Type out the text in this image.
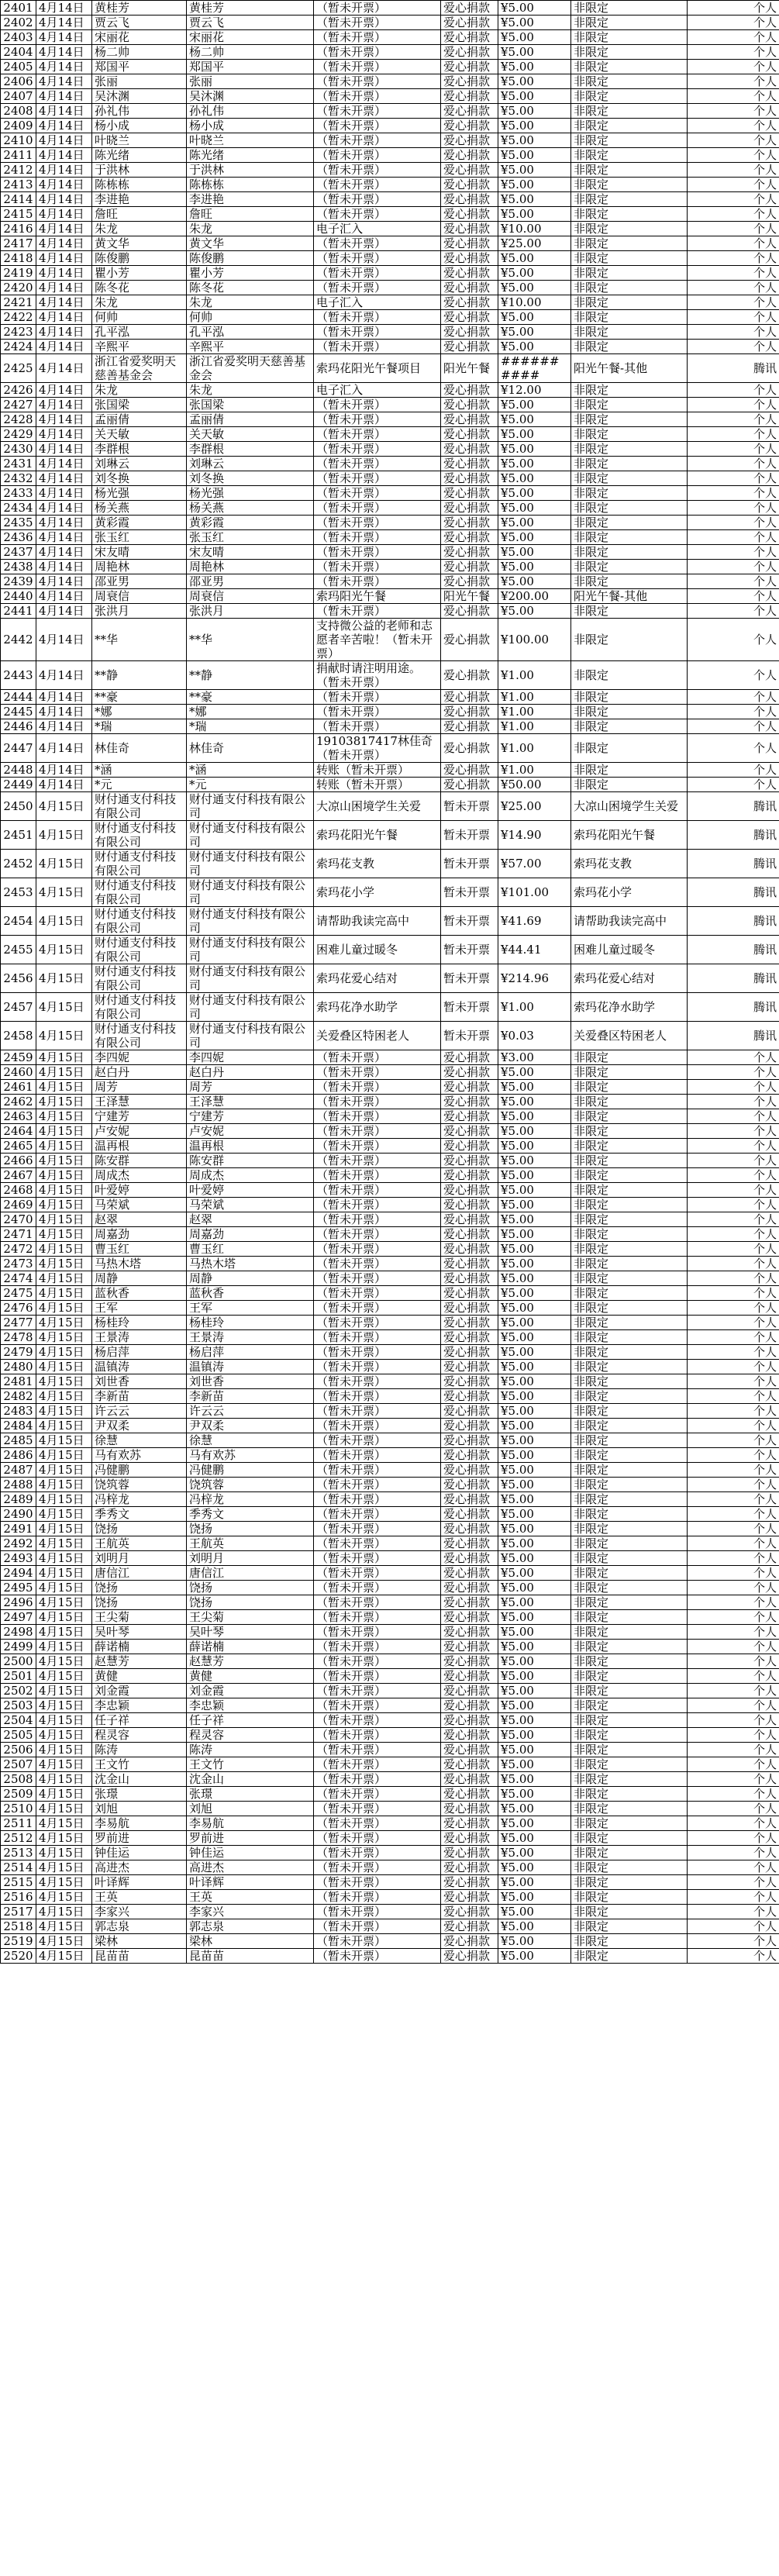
2401	4月14日	黄桂芳	黄桂芳	（暂未开票）	爱心捐款	¥5.00	非限定	个人
2402	4月14日	贾云飞	贾云飞	（暂未开票）	爱心捐款	¥5.00	非限定	个人
2403	4月14日	宋丽花	宋丽花	（暂未开票）	爱心捐款	¥5.00	非限定	个人
2404	4月14日	杨二帅	杨二帅	（暂未开票）	爱心捐款	¥5.00	非限定	个人
2405	4月14日	郑国平	郑国平	（暂未开票）	爱心捐款	¥5.00	非限定	个人
2406	4月14日	张丽	张丽	（暂未开票）	爱心捐款	¥5.00	非限定	个人
2407	4月14日	吴沐渊	吴沐渊	（暂未开票）	爱心捐款	¥5.00	非限定	个人
2408	4月14日	孙礼伟	孙礼伟	（暂未开票）	爱心捐款	¥5.00	非限定	个人
2409	4月14日	杨小成	杨小成	（暂未开票）	爱心捐款	¥5.00	非限定	个人
2410	4月14日	叶晓兰	叶晓兰	（暂未开票）	爱心捐款	¥5.00	非限定	个人
2411	4月14日	陈光绪	陈光绪	（暂未开票）	爱心捐款	¥5.00	非限定	个人
2412	4月14日	于洪林	于洪林	（暂未开票）	爱心捐款	¥5.00	非限定	个人
2413	4月14日	陈栋栋	陈栋栋	（暂未开票）	爱心捐款	¥5.00	非限定	个人
2414	4月14日	李进艳	李进艳	（暂未开票）	爱心捐款	¥5.00	非限定	个人
2415	4月14日	詹旺	詹旺	（暂未开票）	爱心捐款	¥5.00	非限定	个人
2416	4月14日	朱龙	朱龙	电子汇入	爱心捐款	¥10.00	非限定	个人
2417	4月14日	黄文华	黄文华	（暂未开票）	爱心捐款	¥25.00	非限定	个人
2418	4月14日	陈俊鹏	陈俊鹏	（暂未开票）	爱心捐款	¥5.00	非限定	个人
2419	4月14日	瞿小芳	瞿小芳	（暂未开票）	爱心捐款	¥5.00	非限定	个人
2420	4月14日	陈冬花	陈冬花	（暂未开票）	爱心捐款	¥5.00	非限定	个人
2421	4月14日	朱龙	朱龙	电子汇入	爱心捐款	¥10.00	非限定	个人
2422	4月14日	何帅	何帅	（暂未开票）	爱心捐款	¥5.00	非限定	个人
2423	4月14日	孔平泓	孔平泓	（暂未开票）	爱心捐款	¥5.00	非限定	个人
2424	4月14日	辛熙平	辛熙平	（暂未开票）	爱心捐款	¥5.00	非限定	个人
2425	4月14日	浙江省爱奖明天慈善基金会	浙江省爱奖明天慈善基金会	索玛花阳光午餐项目	阳光午餐	##########	阳光午餐-其他	腾讯
2426	4月14日	朱龙	朱龙	电子汇入	爱心捐款	¥12.00	非限定	个人
2427	4月14日	张国梁	张国梁	（暂未开票）	爱心捐款	¥5.00	非限定	个人
2428	4月14日	孟丽倩	孟丽倩	（暂未开票）	爱心捐款	¥5.00	非限定	个人
2429	4月14日	关天敏	关天敏	（暂未开票）	爱心捐款	¥5.00	非限定	个人
2430	4月14日	李群根	李群根	（暂未开票）	爱心捐款	¥5.00	非限定	个人
2431	4月14日	刘琳云	刘琳云	（暂未开票）	爱心捐款	¥5.00	非限定	个人
2432	4月14日	刘冬换	刘冬换	（暂未开票）	爱心捐款	¥5.00	非限定	个人
2433	4月14日	杨光强	杨光强	（暂未开票）	爱心捐款	¥5.00	非限定	个人
2434	4月14日	杨关燕	杨关燕	（暂未开票）	爱心捐款	¥5.00	非限定	个人
2435	4月14日	黄彩霞	黄彩霞	（暂未开票）	爱心捐款	¥5.00	非限定	个人
2436	4月14日	张玉红	张玉红	（暂未开票）	爱心捐款	¥5.00	非限定	个人
2437	4月14日	宋友晴	宋友晴	（暂未开票）	爱心捐款	¥5.00	非限定	个人
2438	4月14日	周艳林	周艳林	（暂未开票）	爱心捐款	¥5.00	非限定	个人
2439	4月14日	邵亚男	邵亚男	（暂未开票）	爱心捐款	¥5.00	非限定	个人
2440	4月14日	周衰信	周衰信	索玛阳光午餐	阳光午餐	¥200.00	阳光午餐-其他	个人
2441	4月14日	张洪月	张洪月	（暂未开票）	爱心捐款	¥5.00	非限定	个人
2442	4月14日	**华	**华	支持微公益的老师和志愿者辛苦啦！（暂未开票）	爱心捐款	¥100.00	非限定	个人
2443	4月14日	**静	**静	捐献时请注明用途。（暂未开票）	爱心捐款	¥1.00	非限定	个人
2444	4月14日	**豪	**豪	（暂未开票）	爱心捐款	¥1.00	非限定	个人
2445	4月14日	*娜	*娜	（暂未开票）	爱心捐款	¥1.00	非限定	个人
2446	4月14日	*瑞	*瑞	（暂未开票）	爱心捐款	¥1.00	非限定	个人
2447	4月14日	林佳奇	林佳奇	19103817417林佳奇（暂未开票）	爱心捐款	¥1.00	非限定	个人
2448	4月14日	*涵	*涵	转账（暂未开票）	爱心捐款	¥1.00	非限定	个人
2449	4月14日	*元	*元	转账（暂未开票）	爱心捐款	¥50.00	非限定	个人
2450	4月15日	财付通支付科技有限公司	财付通支付科技有限公司	大凉山困境学生关爱	暂未开票	¥25.00	大凉山困境学生关爱	腾讯
2451	4月15日	财付通支付科技有限公司	财付通支付科技有限公司	索玛花阳光午餐	暂未开票	¥14.90	索玛花阳光午餐	腾讯
2452	4月15日	财付通支付科技有限公司	财付通支付科技有限公司	索玛花支教	暂未开票	¥57.00	索玛花支教	腾讯
2453	4月15日	财付通支付科技有限公司	财付通支付科技有限公司	索玛花小学	暂未开票	¥101.00	索玛花小学	腾讯
2454	4月15日	财付通支付科技有限公司	财付通支付科技有限公司	请帮助我读完高中	暂未开票	¥41.69	请帮助我读完高中	腾讯
2455	4月15日	财付通支付科技有限公司	财付通支付科技有限公司	困难儿童过暖冬	暂未开票	¥44.41	困难儿童过暖冬	腾讯
2456	4月15日	财付通支付科技有限公司	财付通支付科技有限公司	索玛花爱心结对	暂未开票	¥214.96	索玛花爱心结对	腾讯
2457	4月15日	财付通支付科技有限公司	财付通支付科技有限公司	索玛花净水助学	暂未开票	¥1.00	索玛花净水助学	腾讯
2458	4月15日	财付通支付科技有限公司	财付通支付科技有限公司	关爱叠区特困老人	暂未开票	¥0.03	关爱叠区特困老人	腾讯
2459	4月15日	李四妮	李四妮	（暂未开票）	爱心捐款	¥3.00	非限定	个人
2460	4月15日	赵白丹	赵白丹	（暂未开票）	爱心捐款	¥5.00	非限定	个人
2461	4月15日	周芳	周芳	（暂未开票）	爱心捐款	¥5.00	非限定	个人
2462	4月15日	王泽慧	王泽慧	（暂未开票）	爱心捐款	¥5.00	非限定	个人
2463	4月15日	宁建芳	宁建芳	（暂未开票）	爱心捐款	¥5.00	非限定	个人
2464	4月15日	卢安妮	卢安妮	（暂未开票）	爱心捐款	¥5.00	非限定	个人
2465	4月15日	温再根	温再根	（暂未开票）	爱心捐款	¥5.00	非限定	个人
2466	4月15日	陈安群	陈安群	（暂未开票）	爱心捐款	¥5.00	非限定	个人
2467	4月15日	周成杰	周成杰	（暂未开票）	爱心捐款	¥5.00	非限定	个人
2468	4月15日	叶爱婷	叶爱婷	（暂未开票）	爱心捐款	¥5.00	非限定	个人
2469	4月15日	马荣斌	马荣斌	（暂未开票）	爱心捐款	¥5.00	非限定	个人
2470	4月15日	赵翠	赵翠	（暂未开票）	爱心捐款	¥5.00	非限定	个人
2471	4月15日	周嘉劲	周嘉劲	（暂未开票）	爱心捐款	¥5.00	非限定	个人
2472	4月15日	曹玉红	曹玉红	（暂未开票）	爱心捐款	¥5.00	非限定	个人
2473	4月15日	马热木塔	马热木塔	（暂未开票）	爱心捐款	¥5.00	非限定	个人
2474	4月15日	周静	周静	（暂未开票）	爱心捐款	¥5.00	非限定	个人
2475	4月15日	蓝秋香	蓝秋香	（暂未开票）	爱心捐款	¥5.00	非限定	个人
2476	4月15日	王军	王军	（暂未开票）	爱心捐款	¥5.00	非限定	个人
2477	4月15日	杨桂玲	杨桂玲	（暂未开票）	爱心捐款	¥5.00	非限定	个人
2478	4月15日	王景涛	王景涛	（暂未开票）	爱心捐款	¥5.00	非限定	个人
2479	4月15日	杨启萍	杨启萍	（暂未开票）	爱心捐款	¥5.00	非限定	个人
2480	4月15日	温镇涛	温镇涛	（暂未开票）	爱心捐款	¥5.00	非限定	个人
2481	4月15日	刘世香	刘世香	（暂未开票）	爱心捐款	¥5.00	非限定	个人
2482	4月15日	李新苗	李新苗	（暂未开票）	爱心捐款	¥5.00	非限定	个人
2483	4月15日	许云云	许云云	（暂未开票）	爱心捐款	¥5.00	非限定	个人
2484	4月15日	尹双柔	尹双柔	（暂未开票）	爱心捐款	¥5.00	非限定	个人
2485	4月15日	徐慧	徐慧	（暂未开票）	爱心捐款	¥5.00	非限定	个人
2486	4月15日	马有欢苏	马有欢苏	（暂未开票）	爱心捐款	¥5.00	非限定	个人
2487	4月15日	冯健鹏	冯健鹏	（暂未开票）	爱心捐款	¥5.00	非限定	个人
2488	4月15日	饶筑蓉	饶筑蓉	（暂未开票）	爱心捐款	¥5.00	非限定	个人
2489	4月15日	冯梓龙	冯梓龙	（暂未开票）	爱心捐款	¥5.00	非限定	个人
2490	4月15日	季秀文	季秀文	（暂未开票）	爱心捐款	¥5.00	非限定	个人
2491	4月15日	饶扬	饶扬	（暂未开票）	爱心捐款	¥5.00	非限定	个人
2492	4月15日	王航英	王航英	（暂未开票）	爱心捐款	¥5.00	非限定	个人
2493	4月15日	刘明月	刘明月	（暂未开票）	爱心捐款	¥5.00	非限定	个人
2494	4月15日	唐信江	唐信江	（暂未开票）	爱心捐款	¥5.00	非限定	个人
2495	4月15日	饶扬	饶扬	（暂未开票）	爱心捐款	¥5.00	非限定	个人
2496	4月15日	饶扬	饶扬	（暂未开票）	爱心捐款	¥5.00	非限定	个人
2497	4月15日	王尖菊	王尖菊	（暂未开票）	爱心捐款	¥5.00	非限定	个人
2498	4月15日	吴叶琴	吴叶琴	（暂未开票）	爱心捐款	¥5.00	非限定	个人
2499	4月15日	薛诺楠	薛诺楠	（暂未开票）	爱心捐款	¥5.00	非限定	个人
2500	4月15日	赵慧芳	赵慧芳	（暂未开票）	爱心捐款	¥5.00	非限定	个人
2501	4月15日	黄健	黄健	（暂未开票）	爱心捐款	¥5.00	非限定	个人
2502	4月15日	刘金霞	刘金霞	（暂未开票）	爱心捐款	¥5.00	非限定	个人
2503	4月15日	李忠颖	李忠颖	（暂未开票）	爱心捐款	¥5.00	非限定	个人
2504	4月15日	任子祥	任子祥	（暂未开票）	爱心捐款	¥5.00	非限定	个人
2505	4月15日	程灵容	程灵容	（暂未开票）	爱心捐款	¥5.00	非限定	个人
2506	4月15日	陈涛	陈涛	（暂未开票）	爱心捐款	¥5.00	非限定	个人
2507	4月15日	王文竹	王文竹	（暂未开票）	爱心捐款	¥5.00	非限定	个人
2508	4月15日	沈金山	沈金山	（暂未开票）	爱心捐款	¥5.00	非限定	个人
2509	4月15日	张璟	张璟	（暂未开票）	爱心捐款	¥5.00	非限定	个人
2510	4月15日	刘旭	刘旭	（暂未开票）	爱心捐款	¥5.00	非限定	个人
2511	4月15日	李易航	李易航	（暂未开票）	爱心捐款	¥5.00	非限定	个人
2512	4月15日	罗前进	罗前进	（暂未开票）	爱心捐款	¥5.00	非限定	个人
2513	4月15日	钟佳运	钟佳运	（暂未开票）	爱心捐款	¥5.00	非限定	个人
2514	4月15日	高进杰	高进杰	（暂未开票）	爱心捐款	¥5.00	非限定	个人
2515	4月15日	叶译辉	叶译辉	（暂未开票）	爱心捐款	¥5.00	非限定	个人
2516	4月15日	王英	王英	（暂未开票）	爱心捐款	¥5.00	非限定	个人
2517	4月15日	李家兴	李家兴	（暂未开票）	爱心捐款	¥5.00	非限定	个人
2518	4月15日	郭志泉	郭志泉	（暂未开票）	爱心捐款	¥5.00	非限定	个人
2519	4月15日	梁林	梁林	（暂未开票）	爱心捐款	¥5.00	非限定	个人
2520	4月15日	昆苗苗	昆苗苗	（暂未开票）	爱心捐款	¥5.00	非限定	个人
